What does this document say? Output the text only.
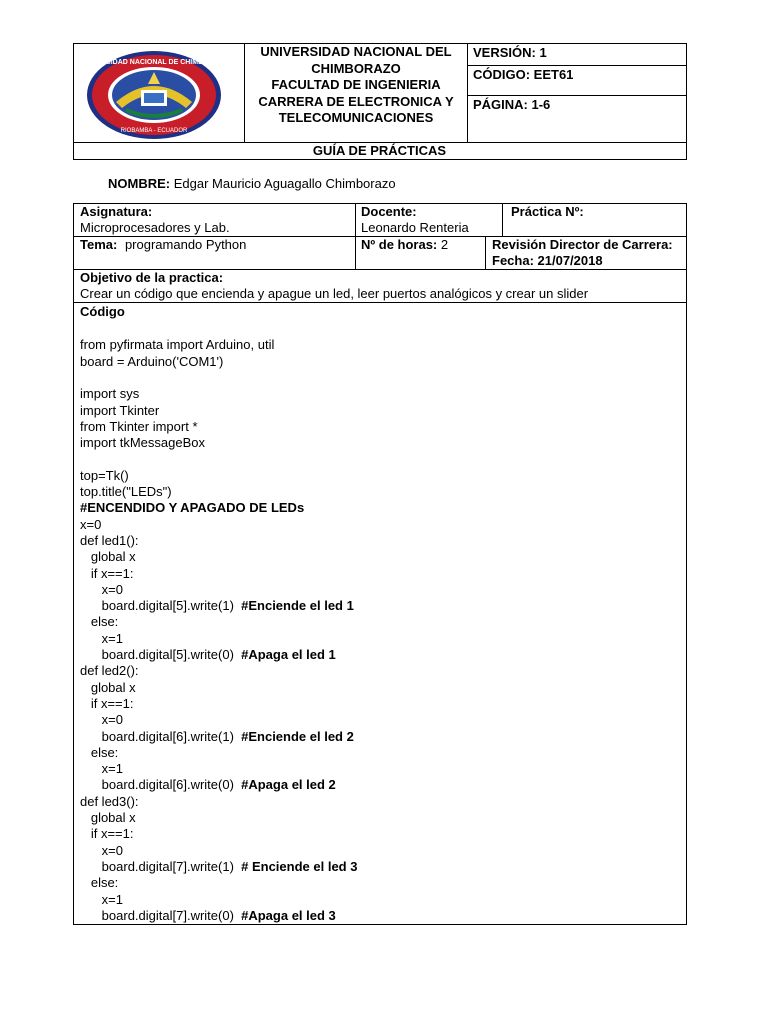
UNIVERSIDAD NACIONAL DE CHIMBORAZO
RIOBAMBA - ECUADOR
UNIVERSIDAD NACIONAL DEL
CHIMBORAZO
FACULTAD DE INGENIERIA
CARRERA DE ELECTRONICA Y
TELECOMUNICACIONES
VERSIÓN: 1
CÓDIGO: EET61
PÁGINA: 1-6
GUÍA DE PRÁCTICAS
NOMBRE: Edgar Mauricio Aguagallo Chimborazo
Asignatura:
Microprocesadores y Lab.
Docente:
Leonardo Renteria
Práctica Nº:
Tema: programando Python	Nº de horas: 2	Revisión Director de Carrera:
Fecha: 21/07/2018
Objetivo de la practica:
Crear un código que encienda y apague un led, leer puertos analógicos y crear un slider
Código
from pyfirmata import Arduino, util
board = Arduino('COM1')
import sys
import Tkinter
from Tkinter import *
import tkMessageBox
top=Tk()
top.title("LEDs")
#ENCENDIDO Y APAGADO DE LEDs
x=0
def led1():
global x
if x==1:
x=0
board.digital[5].write(1)  #Enciende el led 1
else:
x=1
board.digital[5].write(0)  #Apaga el led 1
def led2():
global x
if x==1:
x=0
board.digital[6].write(1)  #Enciende el led 2
else:
x=1
board.digital[6].write(0)  #Apaga el led 2
def led3():
global x
if x==1:
x=0
board.digital[7].write(1)  # Enciende el led 3
else:
x=1
board.digital[7].write(0)  #Apaga el led 3
